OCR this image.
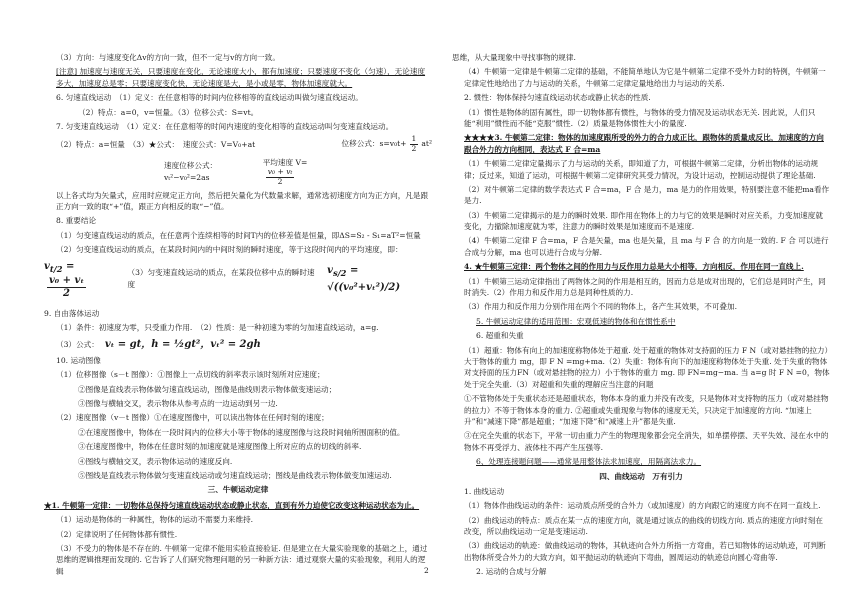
（3）方向：与速度变化Δv的方向一致，但不一定与v的方向一致。

[注意] 加速度与速度无关，只要速度在变化，无论速度大小，都有加速度；只要速度不变化（匀速），无论速度多大，加速度总是零；只要速度变化快，无论速度是大，是小或是零，物体加速度就大。

6. 匀速直线运动　（1）定义：在任意相等的时间内位移相等的直线运动叫做匀速直线运动。

（2）特点：a=0，v=恒量。（3）位移公式：S=vt。

7. 匀变速直线运动　（1）定义：在任意相等的时间内速度的变化相等的直线运动叫匀变速直线运动。

（2）特点：a=恒量　（3）★公式：　速度公式：V=V₀+at	位移公式：$s=v_0t+ \frac{1}{2} at^2$
速度位移公式：vₜ²−v₀²=2as
平均速度 V=
$\frac{\text{v₀ + vₜ}}{2}$

以上各式均为矢量式，应用时应规定正方向，然后把矢量化为代数量求解，通常选初速度方向为正方向，凡是跟正方向一致的取“+”值，跟正方向相反的取“−”值。

8. 重要结论

（1）匀变速直线运动的质点，在任意两个连续相等的时间T内的位移差值是恒量，即ΔS=S₂ - S₁=aT²=恒量

（2）匀变速直线运动的质点，在某段时间内的中间时刻的瞬时速度，等于这段时间内的平均速度，即：

$v_{t/2}$ =
$\frac{\text{v₀ + vₜ}}{2}$
（3）匀变速直线运动的质点，在某段位移中点的瞬时速度
$v_{s/2} = √((v_0^2+v_t^2)/2)$

9. 自由落体运动

（1）条件：初速度为零，只受重力作用.　（2）性质：是一种初速为零的匀加速直线运动，a=g.

（3）公式： vₜ = gt，h = ½gt²，vₜ² = 2gh

10. 运动图像

（1）位移图像（s－t 图像）：①图像上一点切线的斜率表示该时刻所对应速度；

②图像是直线表示物体做匀速直线运动，图像是曲线则表示物体做变速运动；

③图像与横轴交叉，表示物体从参考点的一边运动到另一边.

（2）速度图像（v－t 图像）①在速度图像中，可以读出物体在任何时刻的速度；

②在速度图像中，物体在一段时间内的位移大小等于物体的速度图像与这段时间轴所围面积的值。

③在速度图像中，物体在任意时刻的加速度就是速度图像上所对应的点的切线的斜率.

④图线与横轴交叉，表示物体运动的速度反向.

⑤图线是直线表示物体做匀变速直线运动或匀速直线运动；图线是曲线表示物体做变加速运动.

三、牛顿运动定律

★1. 牛顿第一定律：一切物体总保持匀速直线运动状态或静止状态，直到有外力迫使它改变这种运动状态为止。

（1）运动是物体的一种属性，物体的运动不需要力来维持.

（2）定律说明了任何物体都有惯性.

（3）不受力的物体是不存在的. 牛顿第一定律不能用实验直接验证. 但是建立在大量实验现象的基础之上，通过思维的逻辑推理而发现的. 它告诉了人们研究物理问题的另一种新方法：通过观察大量的实验现象，利用人的逻辑

思维，从大量现象中寻找事物的规律.

（4）牛顿第一定律是牛顿第二定律的基础，不能简单地认为它是牛顿第二定律不受外力时的特例，牛顿第一定律定性地给出了力与运动的关系，牛顿第二定律定量地给出力与运动的关系.

2. 惯性：物体保持匀速直线运动状态或静止状态的性质.

（1）惯性是物体的固有属性，即一切物体都有惯性，与物体的受力情况及运动状态无关. 因此说，人们只能“利用”惯性而不能“克服”惯性.（2）质量是物体惯性大小的量度.

★★★★3. 牛顿第二定律：物体的加速度跟所受的外力的合力成正比，跟物体的质量成反比，加速度的方向跟合外力的方向相同，表达式 F 合=ma

（1）牛顿第二定律定量揭示了力与运动的关系，即知道了力，可根据牛顿第二定律，分析出物体的运动规律；反过来，知道了运动，可根据牛顿第二定律研究其受力情况，为设计运动，控制运动提供了理论基础.

（2）对牛顿第二定律的数学表达式 F 合=ma，F 合 是力，ma 是力的作用效果，特别要注意不能把ma看作是力.

（3）牛顿第二定律揭示的是力的瞬时效果. 即作用在物体上的力与它的效果是瞬时对应关系，力变加速度就变化，力撤除加速度就为零，注意力的瞬时效果是加速度而不是速度.

（4）牛顿第二定律 F 合=ma，F 合是矢量，ma 也是矢量，且 ma 与 F 合 的方向是一致的. F 合 可以进行合成与分解，ma 也可以进行合成与分解.

4. ★牛顿第三定律：两个物体之间的作用力与反作用力总是大小相等，方向相反，作用在同一直线上.

（1）牛顿第三运动定律指出了两物体之间的作用是相互的，因而力总是成对出现的，它们总是同时产生，同时消失.（2）作用力和反作用力总是同种性质的力.

（3）作用力和反作用力分别作用在两个不同的物体上，各产生其效果，不可叠加.

5. 牛顿运动定律的适用范围：宏观低速的物体和在惯性系中

6. 超重和失重

（1）超重：物体有向上的加速度称物体处于超重. 处于超重的物体对支持面的压力 F N（或对悬挂物的拉力）大于物体的重力 mg，即 F N =mg+ma.（2）失重：物体有向下的加速度称物体处于失重. 处于失重的物体对支持面的压力FN（或对悬挂物的拉力）小于物体的重力 mg. 即 FN=mg−ma. 当 a=g 时 F N =0，物体处于完全失重.（3）对超重和失重的理解应当注意的问题

①不管物体处于失重状态还是超重状态，物体本身的重力并没有改变，只是物体对支持物的压力（或对悬挂物的拉力）不等于物体本身的重力. ②超重或失重现象与物体的速度无关，只决定于加速度的方向. “加速上升”和“减速下降”都是超重；“加速下降”和“减速上升”都是失重.

③在完全失重的状态下，平常一切由重力产生的物理现象都会完全消失，如单摆停摆、天平失效、浸在水中的物体不再受浮力、液体柱不再产生压强等.

6、处理连接题问题——通常是用整体法求加速度，用隔离法求力。

四、曲线运动　万有引力

1. 曲线运动

（1）物体作曲线运动的条件：运动质点所受的合外力（或加速度）的方向跟它的速度方向不在同一直线上.

（2）曲线运动的特点：质点在某一点的速度方向，就是通过该点的曲线的切线方向. 质点的速度方向时刻在改变，所以曲线运动一定是变速运动.

（3）曲线运动的轨迹：做曲线运动的物体，其轨迹向合外力所指一方弯曲，若已知物体的运动轨迹，可判断出物体所受合外力的大致方向，如平抛运动的轨迹向下弯曲，圆周运动的轨迹总向圆心弯曲等.

2. 运动的合成与分解

2
